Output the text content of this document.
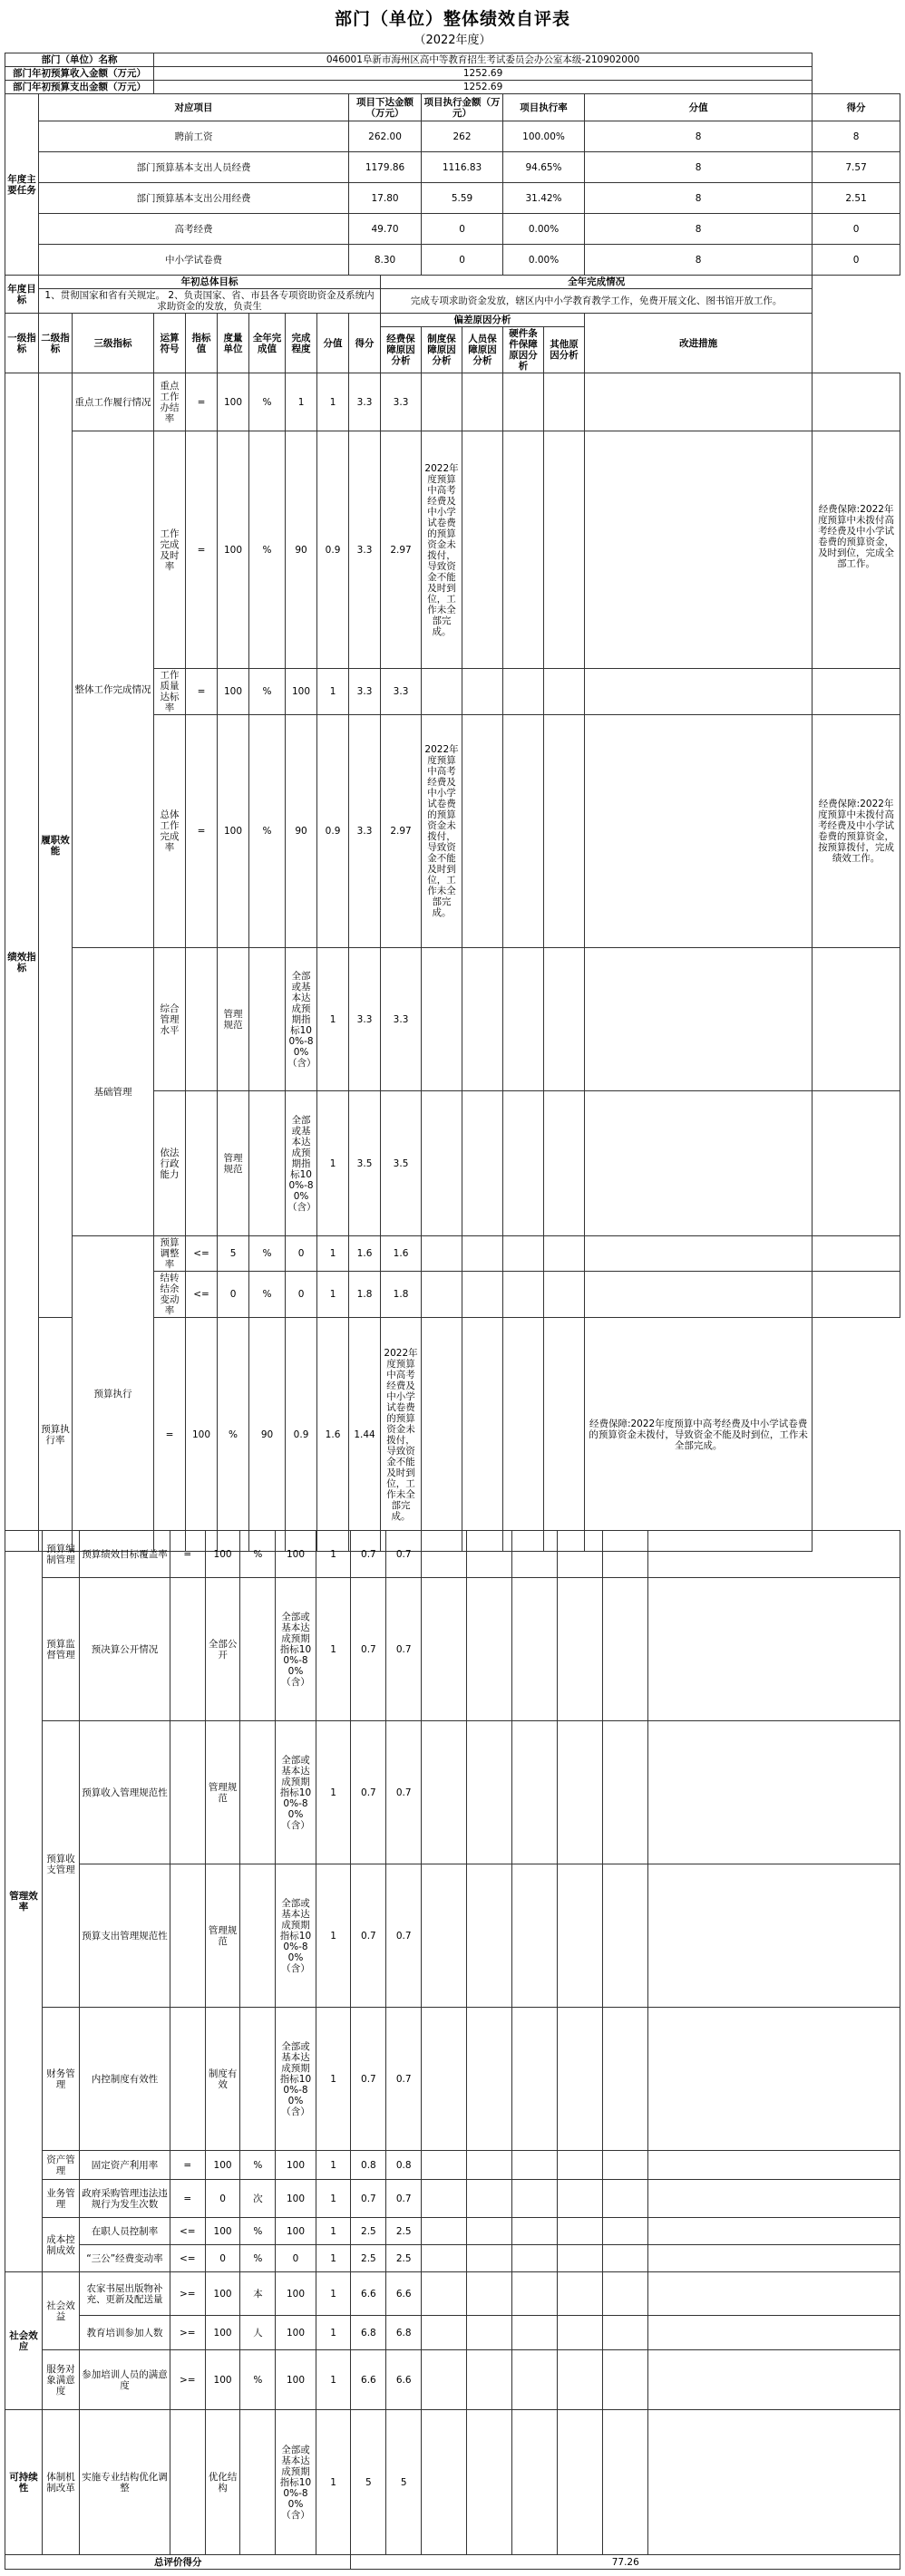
部门（单位）整体绩效自评表
（2022年度）
部门（单位）名称			046001阜新市海州区高中等教育招生考试委员会办公室本级-210902000													
部门年初预算收入金额（万元）			1252.69													
部门年初预算支出金额（万元）			1252.69													
年度主要任务	对应项目								项目下达金额（万元）		项目执行金额（万元）		项目执行率		分值	得分
	聘前工资								262.00		262		100.00%		8	8
	部门预算基本支出人员经费								1179.86		1116.83		94.65%		8	7.57
	部门预算基本支出公用经费								17.80		5.59		31.42%		8	2.51
	高考经费								49.70		0		0.00%		8	0
	中小学试卷费								8.30		0		0.00%		8	0
年度目标	年初总体目标									全年完成情况						
	1、贯彻国家和省有关规定。 2、负责国家、省、市县各专项资助资金及系统内求助资金的发放，负责生									完成专项求助资金发放，辖区内中小学教育教学工作，免费开展文化、图书馆开放工作。						
一级指标	二级指标	三级指标	运算符号	指标值	度量单位	全年完成值	完成程度	分值	得分	偏差原因分析					改进措施	
										经费保障原因分析	制度保障原因分析	人员保障原因分析	硬件条件保障原因分析	其他原因分析		
绩效指标	履职效能	重点工作履行情况	重点工作办结率	=	100	%	1	1	3.3	3.3						
		整体工作完成情况	工作完成及时率	=	100	%	90	0.9	3.3	2.97	2022年度预算中高考经费及中小学试卷费的预算资金未拨付，导致资金不能及时到位，工作未全部完成。					经费保障:2022年度预算中未拨付高考经费及中小学试卷费的预算资金，及时到位，完成全部工作。
			工作质量达标率	=	100	%	100	1	3.3	3.3						
			总体工作完成率	=	100	%	90	0.9	3.3	2.97	2022年度预算中高考经费及中小学试卷费的预算资金未拨付，导致资金不能及时到位，工作未全部完成。					经费保障:2022年度预算中未拨付高考经费及中小学试卷费的预算资金，按预算拨付，完成绩效工作。
		基础管理	综合管理水平		管理规范		全部或基本达成预期指标100%-80%（含）	1	3.3	3.3						
			依法行政能力		管理规范		全部或基本达成预期指标100%-80%（含）	1	3.5	3.5						
		预算执行	预算调整率	<=	5	%	0	1	1.6	1.6						
			结转结余变动率	<=	0	%	0	1	1.8	1.8						
	预算执行率		=	100	%	90	0.9	1.6	1.44	2022年度预算中高考经费及中小学试卷费的预算资金未拨付，导致资金不能及时到位，工作未全部完成。					经费保障:2022年度预算中高考经费及中小学试卷费的预算资金未拨付，导致资金不能及时到位，工作未全部完成。	
管理效率	预算编制管理	预算绩效目标覆盖率	=	100	%	100	1	0.7	0.7						
	预算监督管理	预决算公开情况		全部公开		全部或基本达成预期指标100%-80%（含）	1	0.7	0.7						
	预算收支管理	预算收入管理规范性		管理规范		全部或基本达成预期指标100%-80%（含）	1	0.7	0.7						
		预算支出管理规范性		管理规范		全部或基本达成预期指标100%-80%（含）	1	0.7	0.7						
	财务管理	内控制度有效性		制度有效		全部或基本达成预期指标100%-80%（含）	1	0.7	0.7						
	资产管理	固定资产利用率	=	100	%	100	1	0.8	0.8						
	业务管理	政府采购管理违法违规行为发生次数	=	0	次	100	1	0.7	0.7						
	成本控制成效	在职人员控制率	<=	100	%	100	1	2.5	2.5						
		“三公”经费变动率	<=	0	%	0	1	2.5	2.5						
社会效应	社会效益	农家书屋出版物补充、更新及配送量	>=	100	本	100	1	6.6	6.6						
		教育培训参加人数	>=	100	人	100	1	6.8	6.8						
	服务对象满意度	参加培训人员的满意度	>=	100	%	100	1	6.6	6.6						
可持续性	体制机制改革	实施专业结构优化调整		优化结构		全部或基本达成预期指标100%-80%（含）	1	5	5						
总评价得分								77.26							
